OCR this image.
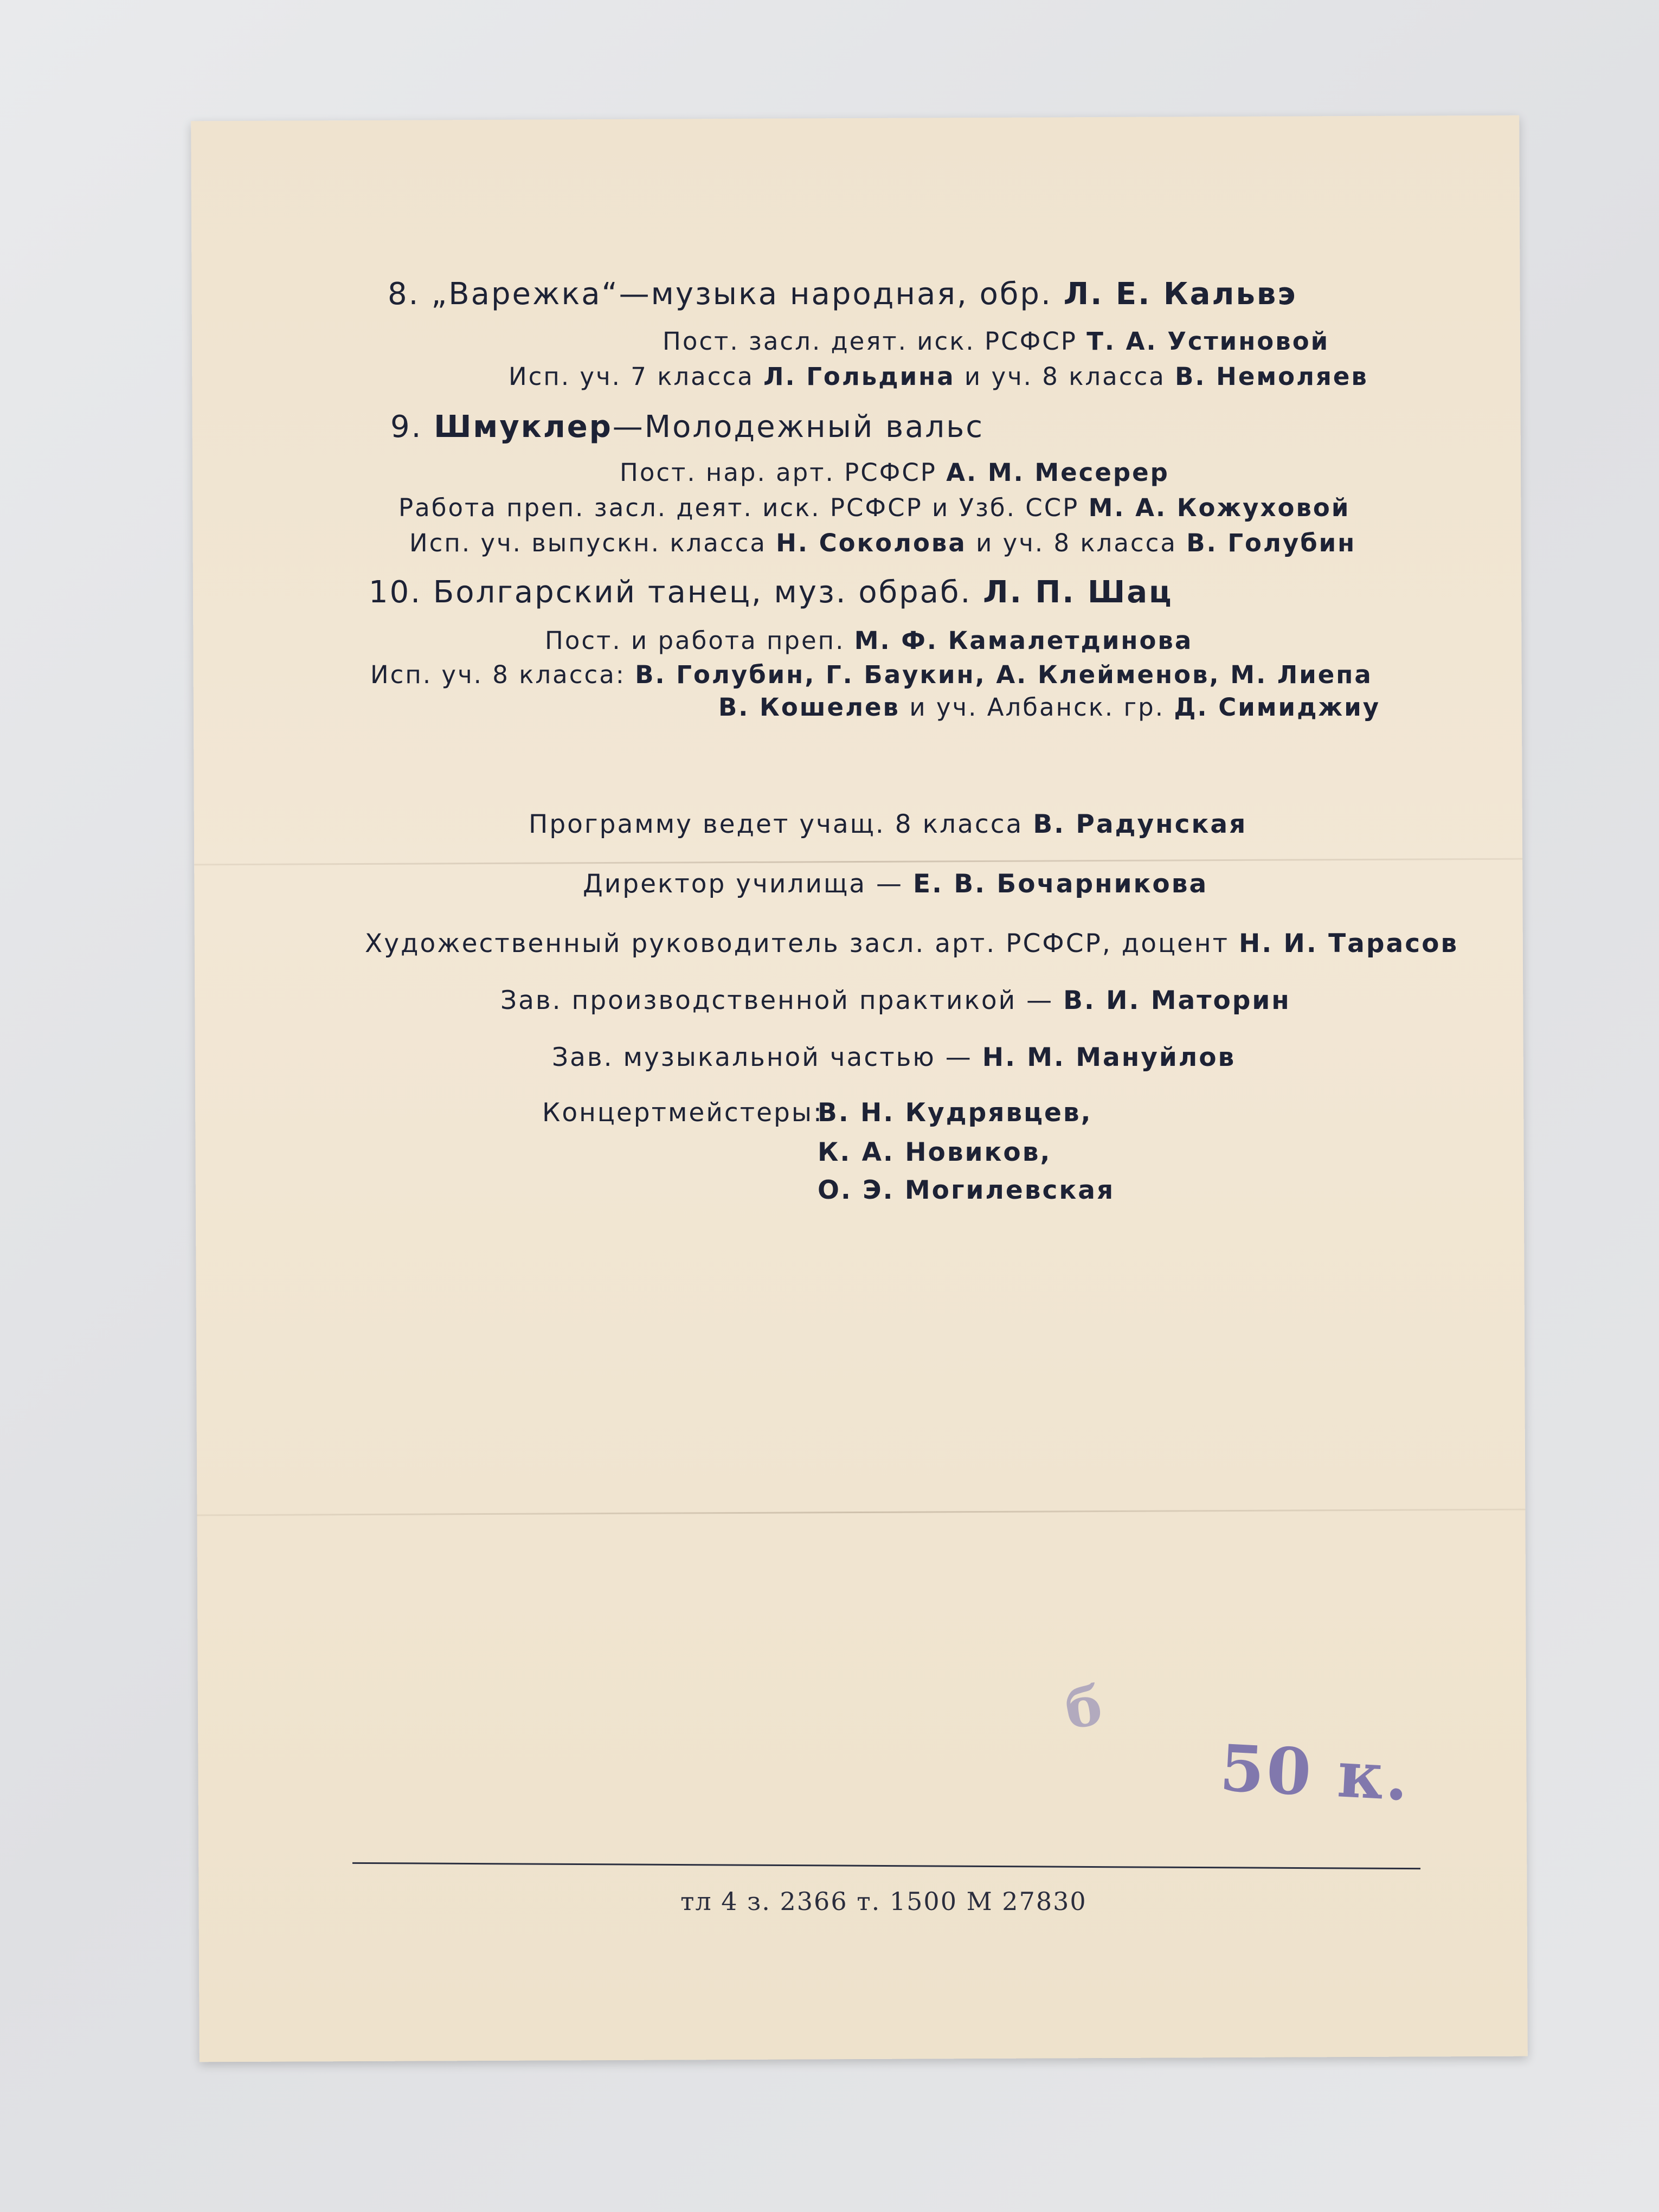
8. „Варежка“—музыка народная, обр. Л. Е. Кальвэ
Пост. засл. деят. иск. РСФСР Т. А. Устиновой
Исп. уч. 7 класса Л. Гольдина и уч. 8 класса В. Немоляев
9. Шмуклер—Молодежный вальс
Пост. нар. арт. РСФСР А. М. Месерер
Работа преп. засл. деят. иск. РСФСР и Узб. ССР М. А. Кожуховой
Исп. уч. выпускн. класса Н. Соколова и уч. 8 класса В. Голубин
10. Болгарский танец, муз. обраб. Л. П. Шац
Пост. и работа преп. М. Ф. Камалетдинова
Исп. уч. 8 класса: В. Голубин, Г. Баукин, А. Клейменов, М. Лиепа
В. Кошелев и уч. Албанск. гр. Д. Симиджиу
Программу ведет учащ. 8 класса В. Радунская
Директор училища — Е. В. Бочарникова
Художественный руководитель засл. арт. РСФСР, доцент Н. И. Тарасов
Зав. производственной практикой — В. И. Маторин
Зав. музыкальной частью — Н. М. Мануйлов
Концертмейстеры:
В. Н. Кудрявцев,
К. А. Новиков,
О. Э. Могилевская
б
50 к.
тл 4 з. 2366 т. 1500 М 27830
